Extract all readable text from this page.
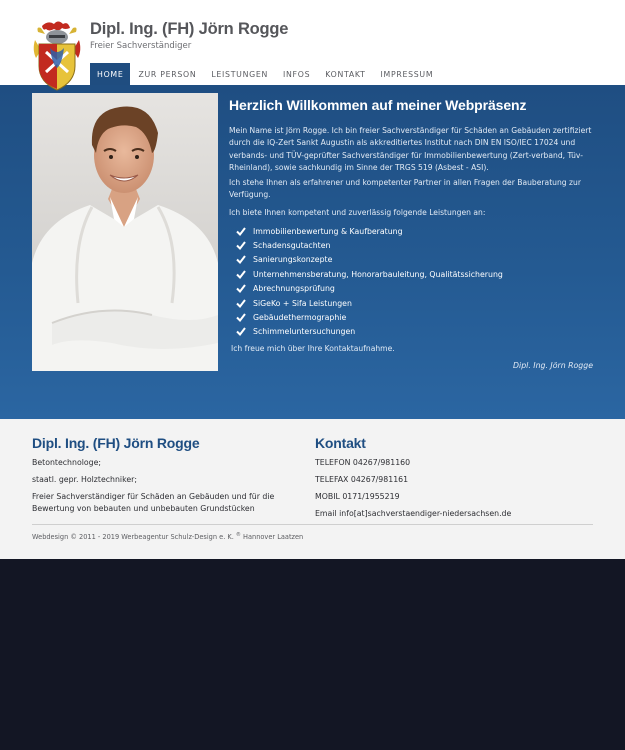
Dipl. Ing. (FH) Jörn Rogge
Freier Sachverständiger
HOME	ZUR PERSON	LEISTUNGEN	INFOS	KONTAKT	IMPRESSUM
Herzlich Willkommen auf meiner Webpräsenz

Mein Name ist Jörn Rogge. Ich bin freier Sachverständiger für Schäden an Gebäuden zertifiziert durch die IQ-Zert Sankt Augustin als akkreditiertes Institut nach DIN EN ISO/IEC 17024 und verbands- und TÜV-geprüfter Sachverständiger für Immobilienbewertung (Zert-verband, Tüv-Rheinland), sowie sachkundig im Sinne der TRGS 519 (Asbest - ASI).

Ich stehe Ihnen als erfahrener und kompetenter Partner in allen Fragen der Bauberatung zur Verfügung.

Ich biete Ihnen kompetent und zuverlässig folgende Leistungen an:

Immobilienbewertung & Kaufberatung
Schadensgutachten
Sanierungskonzepte
Unternehmensberatung, Honorarbauleitung, Qualitätssicherung
Abrechnungsprüfung
SiGeKo + Sifa Leistungen
Gebäudethermographie
Schimmeluntersuchungen

Ich freue mich über Ihre Kontaktaufnahme.

Dipl. Ing. Jörn Rogge

Dipl. Ing. (FH) Jörn Rogge

Betontechnologe;

staatl. gepr. Holztechniker;

Freier Sachverständiger für Schäden an Gebäuden und für die Bewertung von bebauten und unbebauten Grundstücken

Kontakt

TELEFON 04267/981160

TELEFAX 04267/981161

MOBIL 0171/1955219

Email info[at]sachverstaendiger-niedersachsen.de

Webdesign © 2011 - 2019 Werbeagentur Schulz-Design e. K. ® Hannover Laatzen
